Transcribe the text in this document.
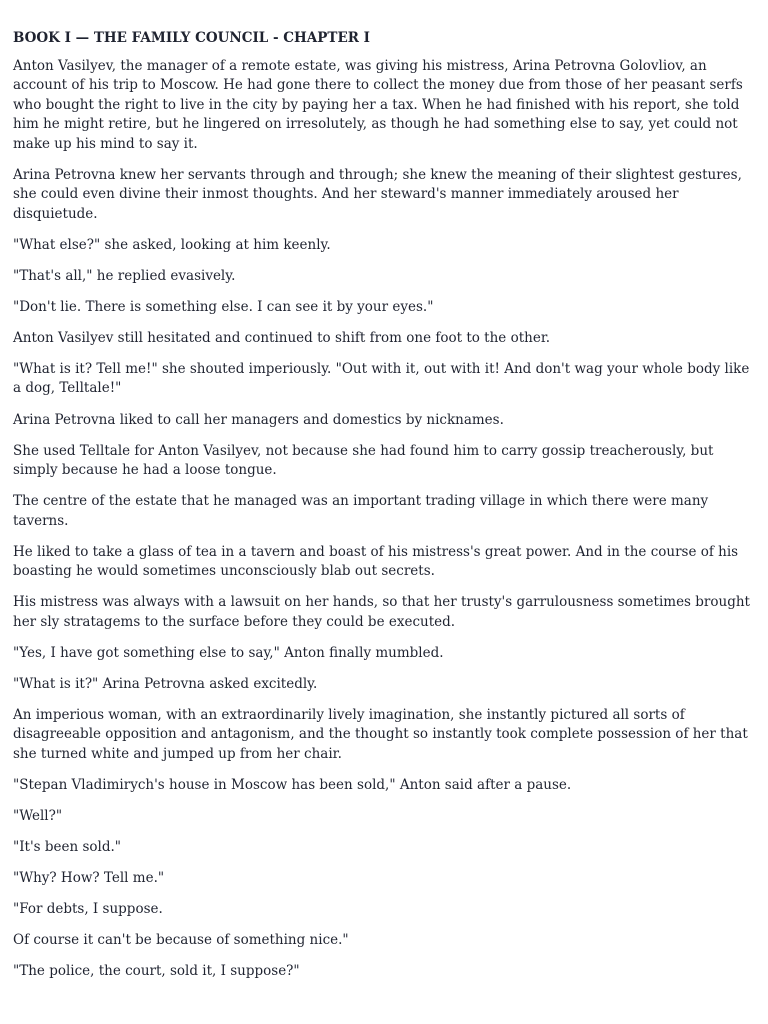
BOOK I — THE FAMILY COUNCIL - CHAPTER I

Anton Vasilyev, the manager of a remote estate, was giving his mistress, Arina Petrovna Golovliov, an account of his trip to Moscow. He had gone there to collect the money due from those of her peasant serfs who bought the right to live in the city by paying her a tax. When he had finished with his report, she told him he might retire, but he lingered on irresolutely, as though he had something else to say, yet could not make up his mind to say it.

Arina Petrovna knew her servants through and through; she knew the meaning of their slightest gestures, she could even divine their inmost thoughts. And her steward's manner immediately aroused her disquietude.

"What else?" she asked, looking at him keenly.

"That's all," he replied evasively.

"Don't lie. There is something else. I can see it by your eyes."

Anton Vasilyev still hesitated and continued to shift from one foot to the other.

"What is it? Tell me!" she shouted imperiously. "Out with it, out with it! And don't wag your whole body like a dog, Telltale!"

Arina Petrovna liked to call her managers and domestics by nicknames.

She used Telltale for Anton Vasilyev, not because she had found him to carry gossip treacherously, but simply because he had a loose tongue.

The centre of the estate that he managed was an important trading village in which there were many taverns.

He liked to take a glass of tea in a tavern and boast of his mistress's great power. And in the course of his boasting he would sometimes unconsciously blab out secrets.

His mistress was always with a lawsuit on her hands, so that her trusty's garrulousness sometimes brought her sly stratagems to the surface before they could be executed.

"Yes, I have got something else to say," Anton finally mumbled.

"What is it?" Arina Petrovna asked excitedly.

An imperious woman, with an extraordinarily lively imagination, she instantly pictured all sorts of disagreeable opposition and antagonism, and the thought so instantly took complete possession of her that she turned white and jumped up from her chair.

"Stepan Vladimirych's house in Moscow has been sold," Anton said after a pause.

"Well?"

"It's been sold."

"Why? How? Tell me."

"For debts, I suppose.

Of course it can't be because of something nice."

"The police, the court, sold it, I suppose?"
